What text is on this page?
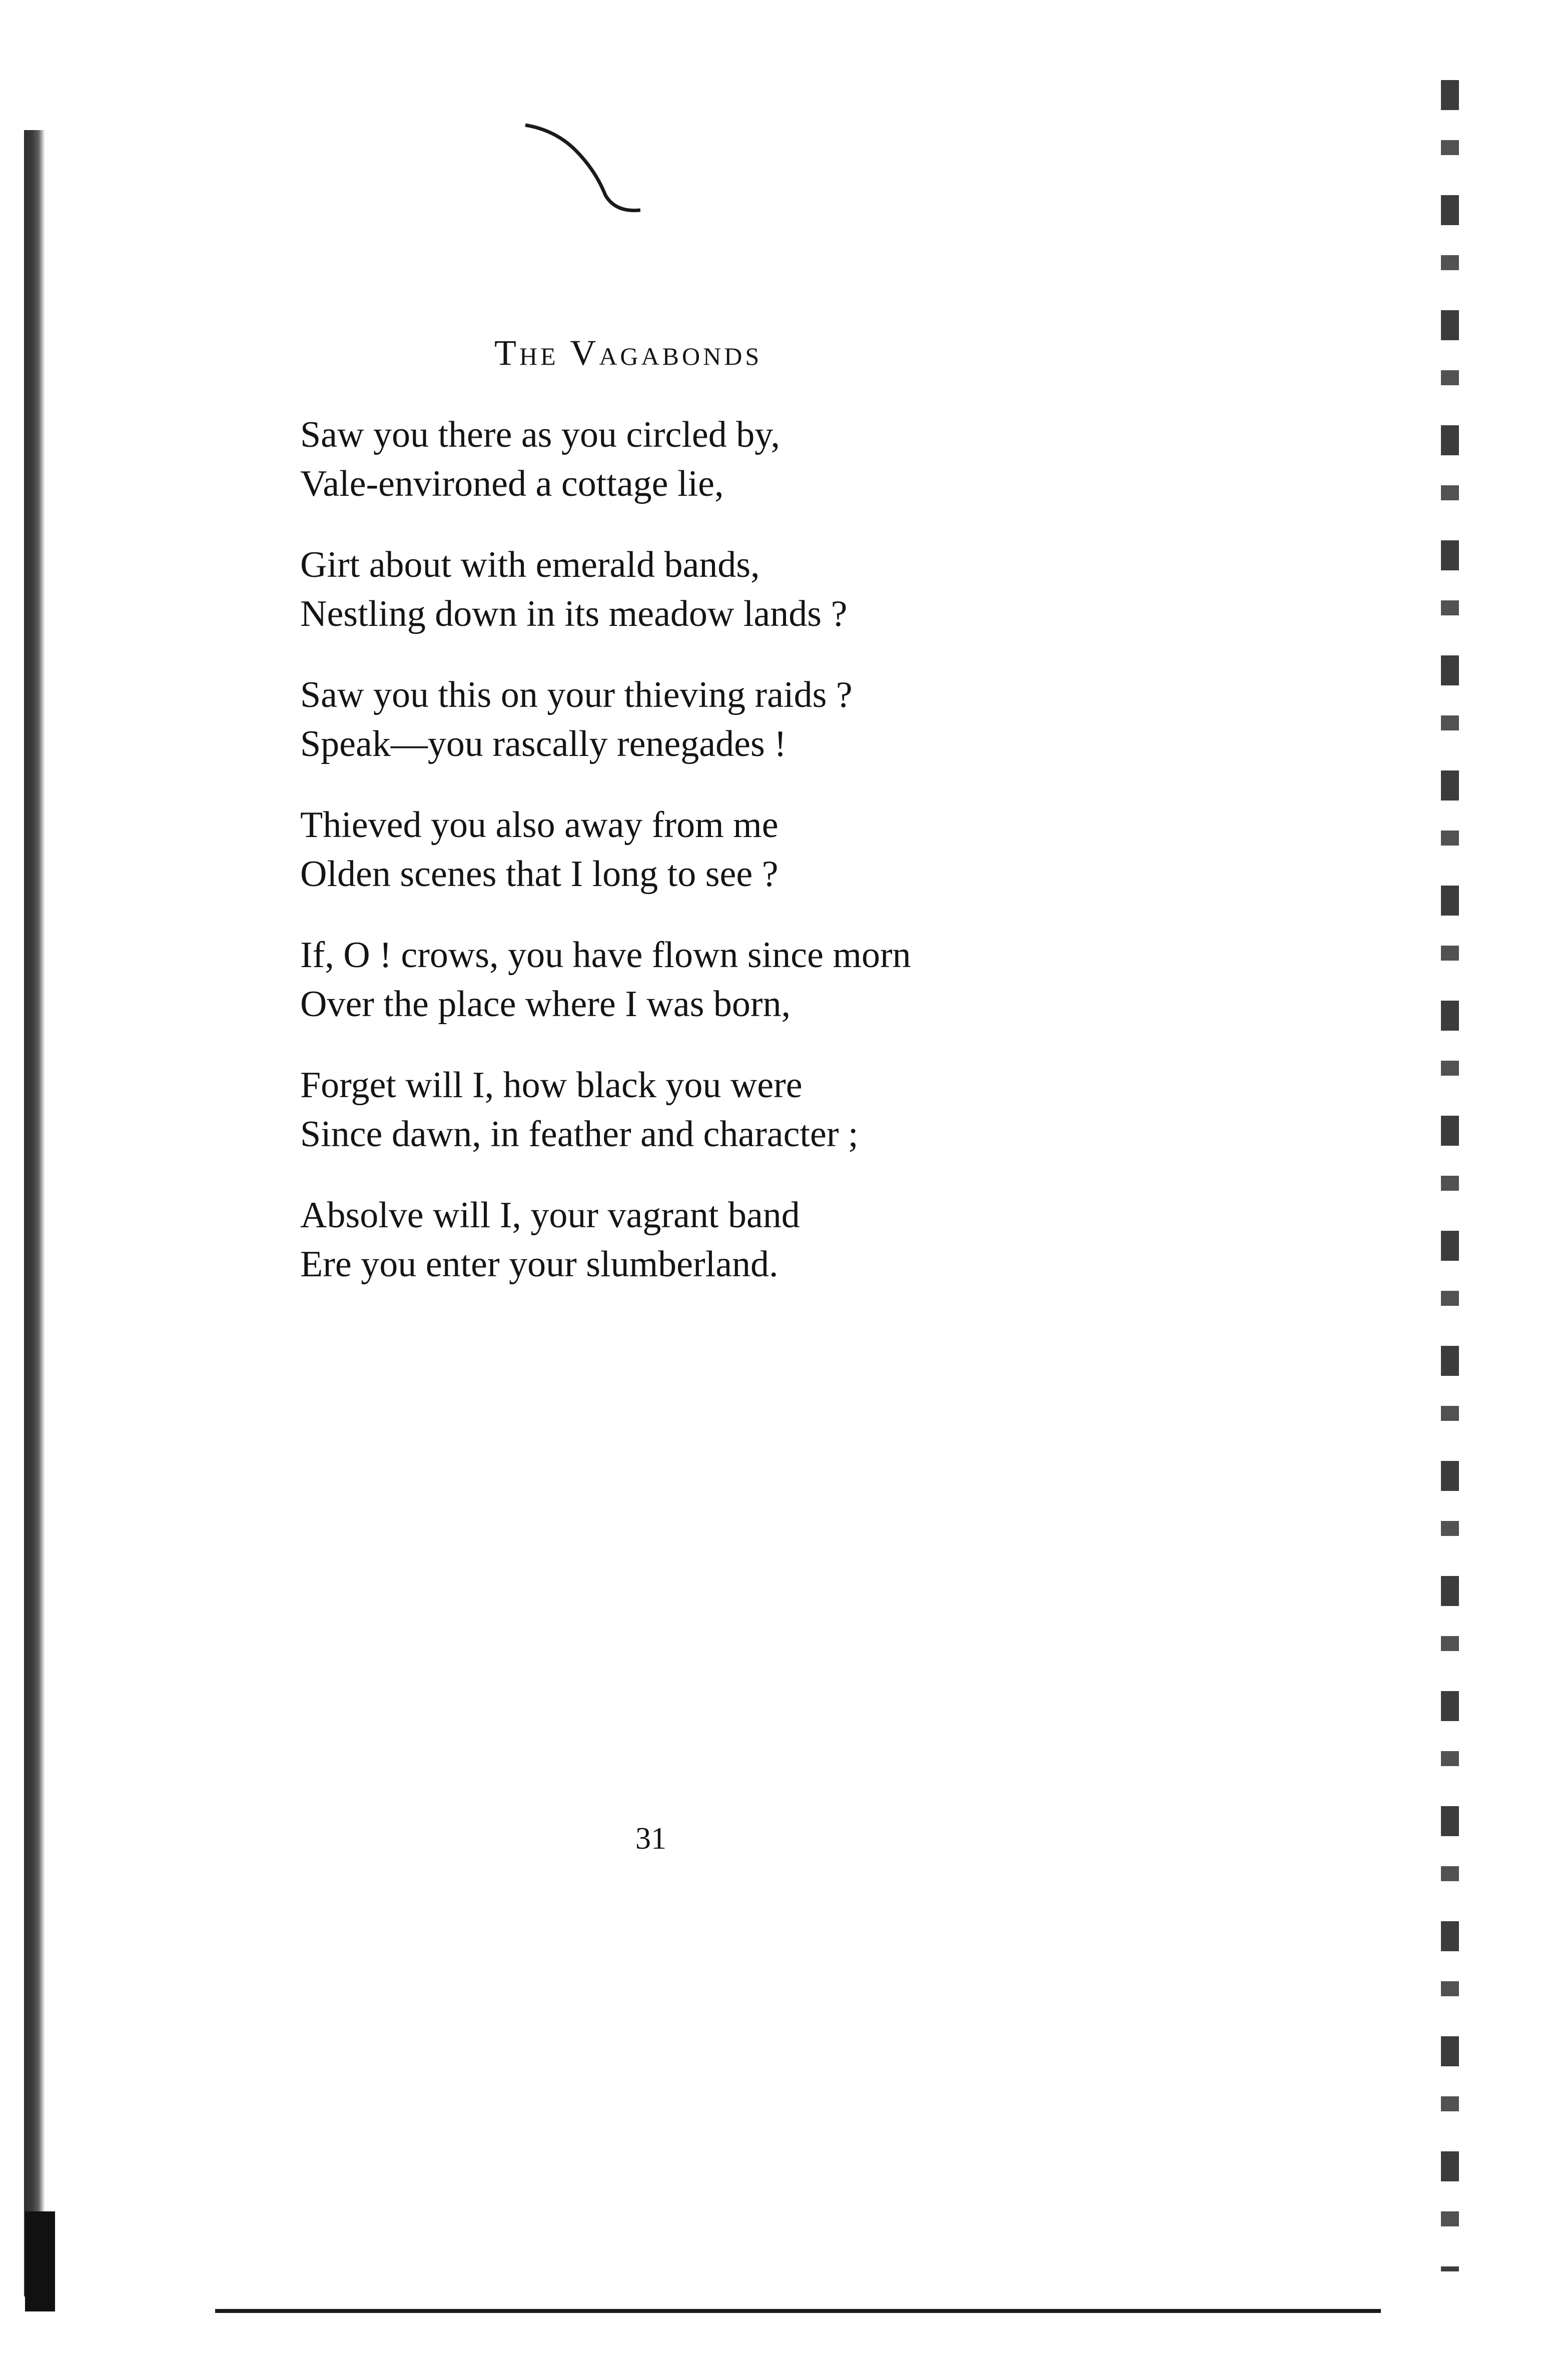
The Vagabonds
Saw you there as you circled by,
Vale-environed a cottage lie,
Girt about with emerald bands,
Nestling down in its meadow lands ?
Saw you this on your thieving raids ?
Speak—you rascally renegades !
Thieved you also away from me
Olden scenes that I long to see ?
If, O ! crows, you have flown since morn
Over the place where I was born,
Forget will I, how black you were
Since dawn, in feather and character ;
Absolve will I, your vagrant band
Ere you enter your slumberland.
31
